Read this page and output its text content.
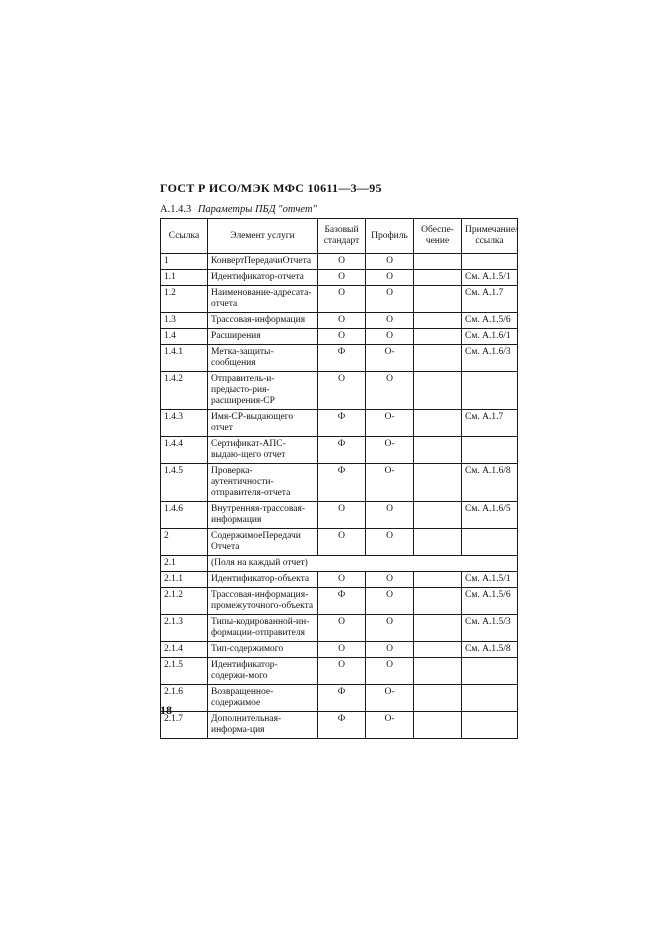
ГОСТ Р ИСО/МЭК МФС 10611—3—95
А.1.4.3 Параметры ПБД "отчет"
Ссылка	Элемент услуги	Базовый стандарт	Профиль	Обеспе-чение	Примечание/ ссылка
1	КонвертПередачиОтчета	О	О		
1.1	Идентификатор-отчета	О	О		См. А.1.5/1
1.2	Наименование-адресата-отчета	О	О		См. А.1.7
1.3	Трассовая-информация	О	О		См. А.1.5/6
1.4	Расширения	О	О		См. А.1.6/1
1.4.1	Метка-защиты-сообщения	Ф	О-		См. А.1.6/3
1.4.2	Отправитель-и-предысто-рия-расширения-СР	О	О		
1.4.3	Имя-СР-выдающего отчет	Ф	О-		См. А.1.7
1.4.4	Сертификат-АПС-выдаю-щего отчет	Ф	О-		
1.4.5	Проверка-аутентичности-отправителя-отчета	Ф	О-		См. А.1.6/8
1.4.6	Внутренняя-трассовая-информация	О	О		См. А.1.6/5
2	СодержимоеПередачи Отчета	О	О		
2.1	(Поля на каждый отчет)				
2.1.1	Идентификатор-объекта	О	О		См. А.1.5/1
2.1.2	Трассовая-информация-промежуточного-объекта	Ф	О		См. А.1.5/6
2.1.3	Типы-кодированной-ин-формации-отправителя	О	О		См. А.1.5/3
2.1.4	Тип-содержимого	О	О		См. А.1.5/8
2.1.5	Идентификатор-содержи-мого	О	О		
2.1.6	Возвращенное-содержимое	Ф	О-		
2.1.7	Дополнительная-информа-ция	Ф	О-		
18
